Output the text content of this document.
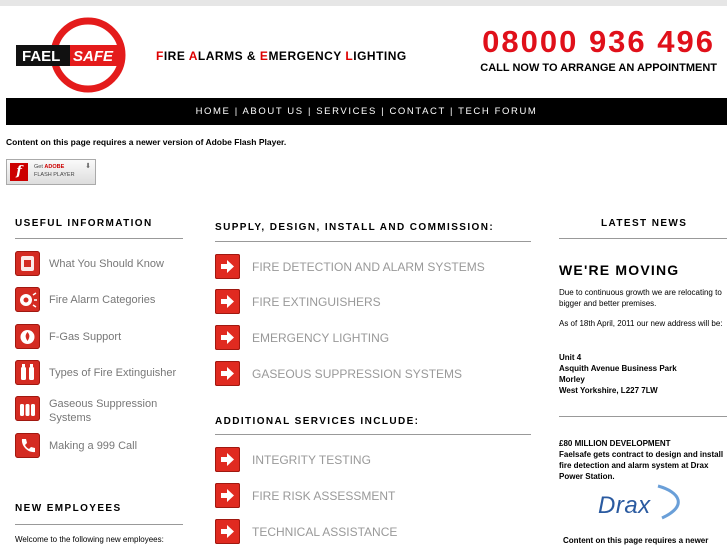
FAEL SAFE	FIRE ALARMS & EMERGENCY LIGHTING 08000 936 496
CALL NOW TO ARRANGE AN APPOINTMENT
HOME | ABOUT US | SERVICES | CONTACT | TECH FORUM
Content on this page requires a newer version of Adobe Flash Player.
f	Get ADOBE
FLASH PLAYER
⬇
USEFUL INFORMATION
What You Should Know
Fire Alarm Categories
F-Gas Support
Types of Fire Extinguisher
Gaseous Suppression Systems
Making a 999 Call
NEW EMPLOYEES
Welcome to the following new employees:
SUPPLY, DESIGN, INSTALL AND COMMISSION:
FIRE DETECTION AND ALARM SYSTEMS
FIRE EXTINGUISHERS
EMERGENCY LIGHTING
GASEOUS SUPPRESSION SYSTEMS
ADDITIONAL SERVICES INCLUDE:
INTEGRITY TESTING
FIRE RISK ASSESSMENT
TECHNICAL ASSISTANCE
LATEST NEWS
WE'RE MOVING
Due to continuous growth we are relocating to bigger and better premises.
As of 18th April, 2011 our new address will be:
Unit 4
Asquith Avenue Business Park
Morley
West Yorkshire, L227 7LW
£80 MILLION DEVELOPMENT
Faelsafe gets contract to design and install fire detection and alarm system at Drax Power Station.
Drax
Content on this page requires a newer
